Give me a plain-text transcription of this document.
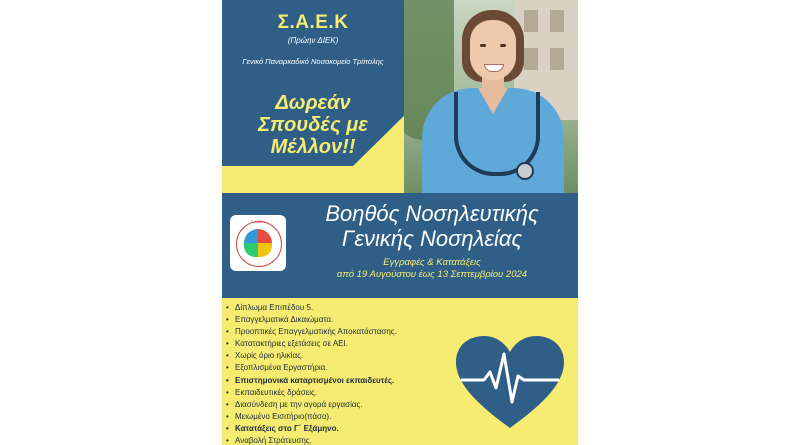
Σ.Α.Ε.Κ
(Πρώην ΔΙΕΚ)
Γενικό Παναρκαδικό Νοσοκομείο Τρίπολης
Δωρεάν
Σπουδές με
Μέλλον!!
Σ.Α.Ε.Κ	Βοηθός Νοσηλευτικής
Γενικής Νοσηλείας
Εγγραφές & Κατατάξεις
από 19 Αυγούστου έως 13 Σεπτεμβρίου 2024
• Δίπλωμα Επιπέδου 5.
• Επαγγελματικά Δικαιώματα.
• Προοπτικές Επαγγελματικής Αποκατάστασης.
• Κατατακτήριες εξετάσεις σε ΑΕΙ.
• Χωρίς όριο ηλικίας.
• Εξοπλισμένα Εργαστήρια.
• Επιστημονικά καταρτισμένοι εκπαιδευτές.
• Εκπαιδευτικές δράσεις.
• Διασύνδεση με την αγορά εργασίας.
• Μειωμένο Εισιτήριο(πάσο).
• Κατατάξεις στο Γ΄ Εξάμηνο.
• Αναβολή Στράτευσης.
